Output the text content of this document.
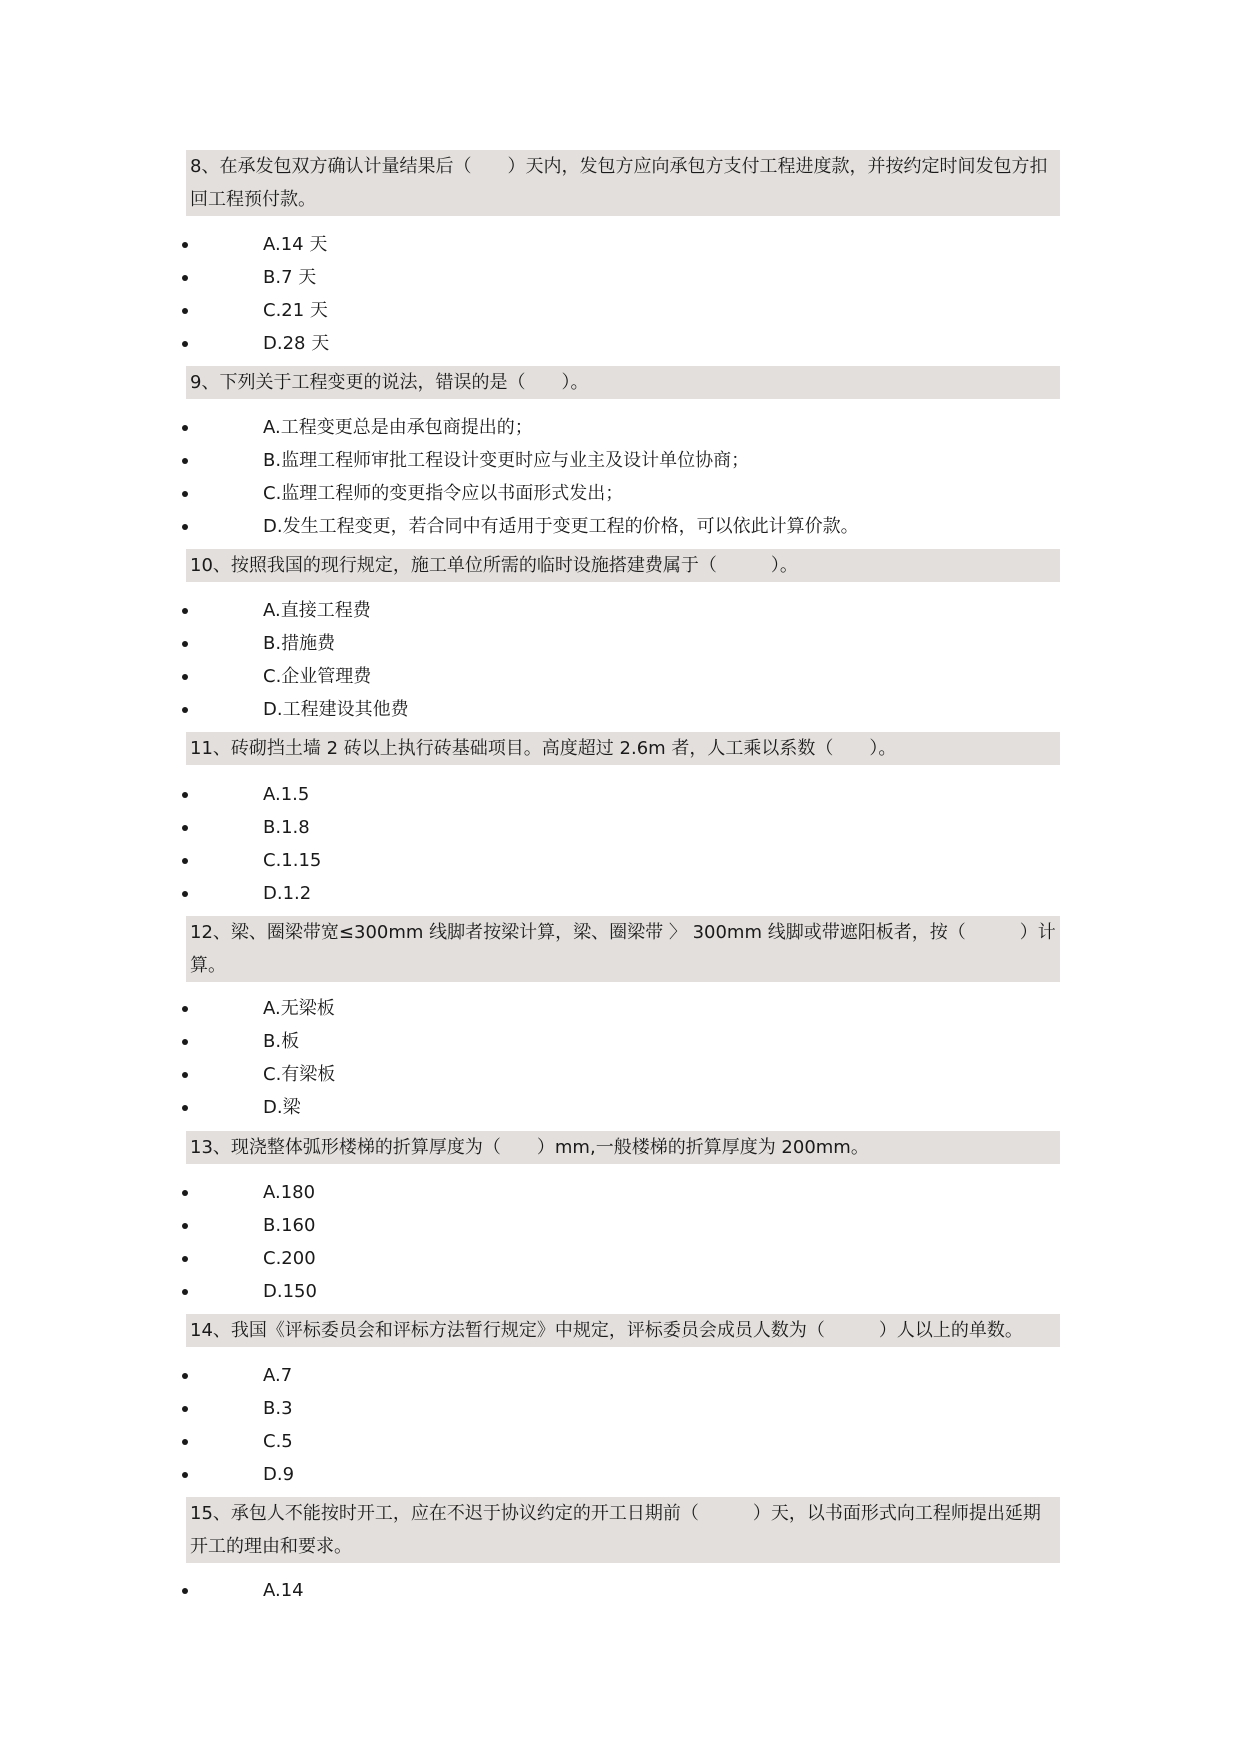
8、在承发包双方确认计量结果后（　　）天内，发包方应向承包方支付工程进度款，并按约定时间发包方扣回工程预付款。
A.14 天
B.7 天
C.21 天
D.28 天
9、下列关于工程变更的说法，错误的是（　　）。
A.工程变更总是由承包商提出的；
B.监理工程师审批工程设计变更时应与业主及设计单位协商；
C.监理工程师的变更指令应以书面形式发出；
D.发生工程变更，若合同中有适用于变更工程的价格，可以依此计算价款。
10、按照我国的现行规定，施工单位所需的临时设施搭建费属于（　　　）。
A.直接工程费
B.措施费
C.企业管理费
D.工程建设其他费
11、砖砌挡土墙 2 砖以上执行砖基础项目。高度超过 2.6m 者，人工乘以系数（　　）。
A.1.5
B.1.8
C.1.15
D.1.2
12、梁、圈梁带宽≤300mm 线脚者按梁计算，梁、圈梁带 〉 300mm 线脚或带遮阳板者，按（　　　）计算。
A.无梁板
B.板
C.有梁板
D.梁
13、现浇整体弧形楼梯的折算厚度为（　　）mm,一般楼梯的折算厚度为 200mm。
A.180
B.160
C.200
D.150
14、我国《评标委员会和评标方法暂行规定》中规定，评标委员会成员人数为（　　　）人以上的单数。
A.7
B.3
C.5
D.9
15、承包人不能按时开工，应在不迟于协议约定的开工日期前（　　　）天，以书面形式向工程师提出延期开工的理由和要求。
A.14
